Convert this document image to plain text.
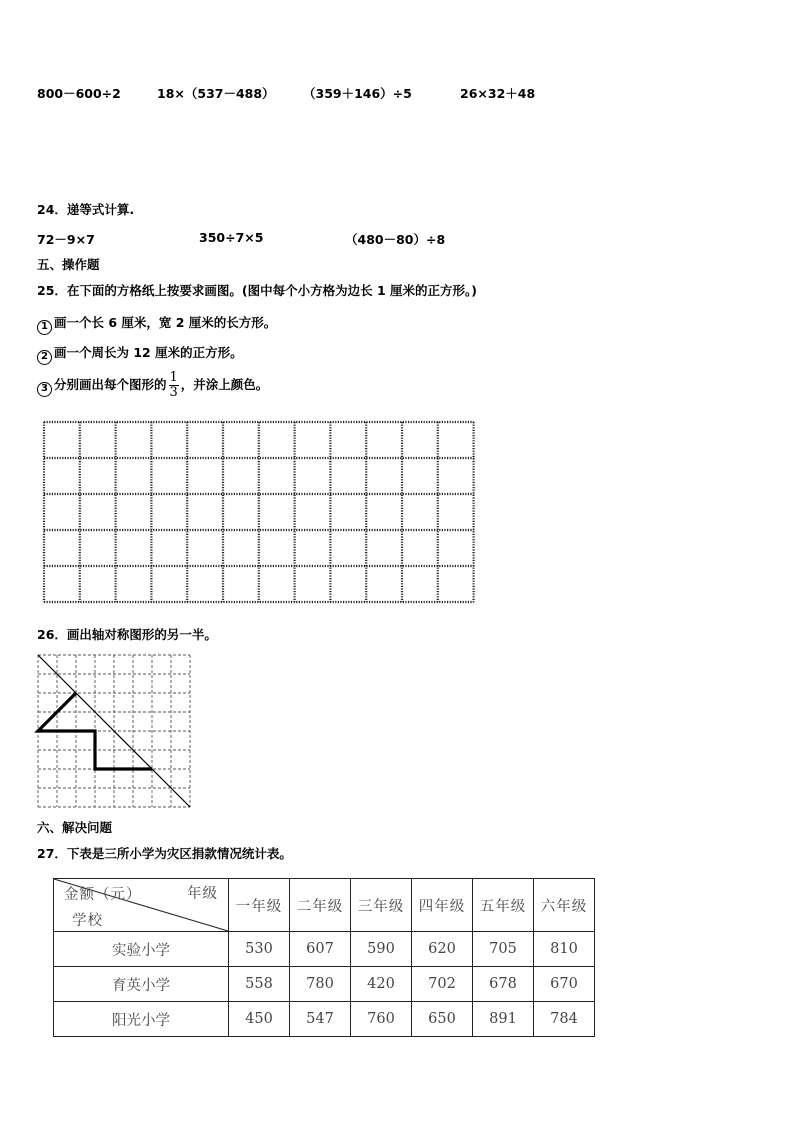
800－600÷2	18×（537－488） （359＋146）÷5	26×32＋48
24．递等式计算.
72－9×7	350÷7×5	（480－80）÷8
五、操作题
25．在下面的方格纸上按要求画图。(图中每个小方格为边长 1 厘米的正方形。)
1 画一个长 6 厘米，宽 2 厘米的长方形。
2 画一个周长为 12 厘米的正方形。
3 分别画出每个图形的 $\frac{1}{3}$ ，并涂上颜色。
26．画出轴对称图形的另一半。
六、解决问题
27．下表是三所小学为灾区捐款情况统计表。
金额（元） 年级
学校	一年级	二年级	三年级	四年级	五年级	六年级
实验小学	530	607	590	620	705	810
育英小学	558	780	420	702	678	670
阳光小学	450	547	760	650	891	784
